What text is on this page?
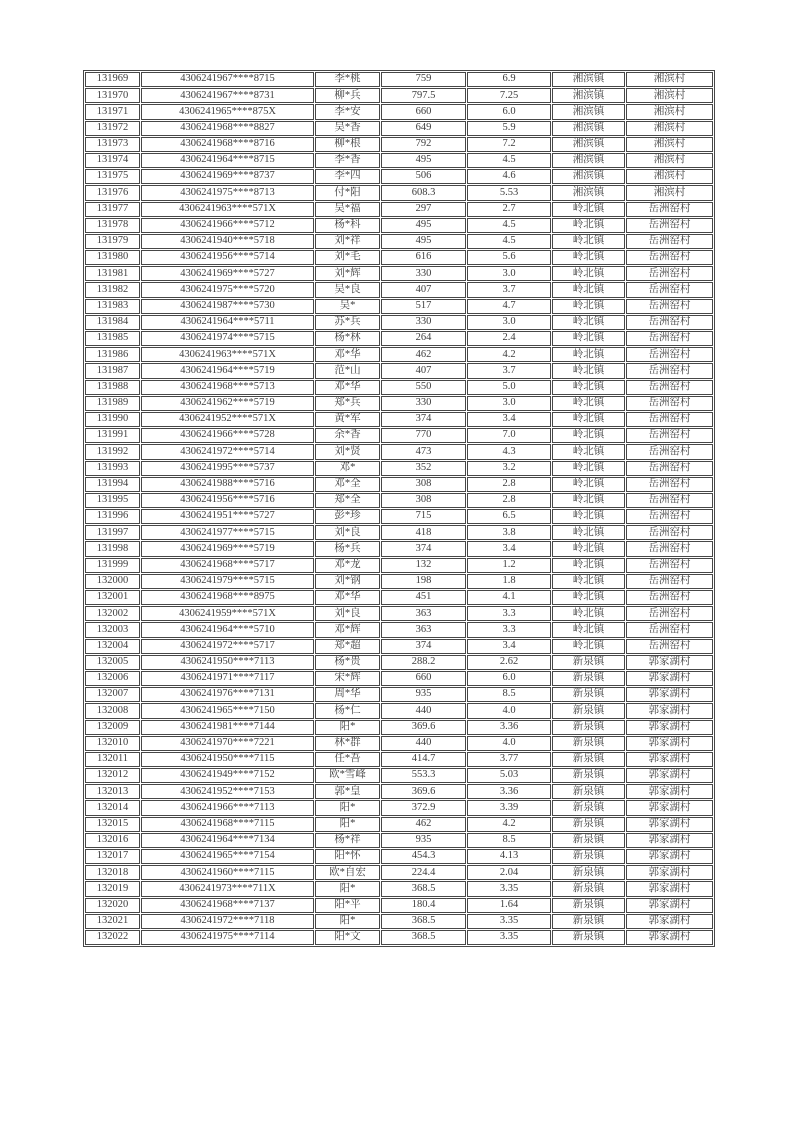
131969	4306241967****8715	李*桃	759	6.9	湘滨镇	湘滨村
131970	4306241967****8731	柳*兵	797.5	7.25	湘滨镇	湘滨村
131971	4306241965****875X	李*安	660	6.0	湘滨镇	湘滨村
131972	4306241968****8827	吴*香	649	5.9	湘滨镇	湘滨村
131973	4306241968****8716	柳*根	792	7.2	湘滨镇	湘滨村
131974	4306241964****8715	李*香	495	4.5	湘滨镇	湘滨村
131975	4306241969****8737	李*四	506	4.6	湘滨镇	湘滨村
131976	4306241975****8713	付*阳	608.3	5.53	湘滨镇	湘滨村
131977	4306241963****571X	吴*福	297	2.7	岭北镇	岳洲窑村
131978	4306241966****5712	杨*科	495	4.5	岭北镇	岳洲窑村
131979	4306241940****5718	刘*祥	495	4.5	岭北镇	岳洲窑村
131980	4306241956****5714	刘*毛	616	5.6	岭北镇	岳洲窑村
131981	4306241969****5727	刘*辉	330	3.0	岭北镇	岳洲窑村
131982	4306241975****5720	吴*良	407	3.7	岭北镇	岳洲窑村
131983	4306241987****5730	吴*	517	4.7	岭北镇	岳洲窑村
131984	4306241964****5711	苏*兵	330	3.0	岭北镇	岳洲窑村
131985	4306241974****5715	杨*林	264	2.4	岭北镇	岳洲窑村
131986	4306241963****571X	邓*华	462	4.2	岭北镇	岳洲窑村
131987	4306241964****5719	范*山	407	3.7	岭北镇	岳洲窑村
131988	4306241968****5713	邓*华	550	5.0	岭北镇	岳洲窑村
131989	4306241962****5719	郑*兵	330	3.0	岭北镇	岳洲窑村
131990	4306241952****571X	黄*军	374	3.4	岭北镇	岳洲窑村
131991	4306241966****5728	余*香	770	7.0	岭北镇	岳洲窑村
131992	4306241972****5714	刘*贤	473	4.3	岭北镇	岳洲窑村
131993	4306241995****5737	邓*	352	3.2	岭北镇	岳洲窑村
131994	4306241988****5716	邓*全	308	2.8	岭北镇	岳洲窑村
131995	4306241956****5716	郑*全	308	2.8	岭北镇	岳洲窑村
131996	4306241951****5727	彭*珍	715	6.5	岭北镇	岳洲窑村
131997	4306241977****5715	刘*良	418	3.8	岭北镇	岳洲窑村
131998	4306241969****5719	杨*兵	374	3.4	岭北镇	岳洲窑村
131999	4306241968****5717	邓*龙	132	1.2	岭北镇	岳洲窑村
132000	4306241979****5715	刘*钢	198	1.8	岭北镇	岳洲窑村
132001	4306241968****8975	邓*华	451	4.1	岭北镇	岳洲窑村
132002	4306241959****571X	刘*良	363	3.3	岭北镇	岳洲窑村
132003	4306241964****5710	邓*辉	363	3.3	岭北镇	岳洲窑村
132004	4306241972****5717	郑*超	374	3.4	岭北镇	岳洲窑村
132005	4306241950****7113	杨*贵	288.2	2.62	新泉镇	郭家湖村
132006	4306241971****7117	宋*辉	660	6.0	新泉镇	郭家湖村
132007	4306241976****7131	周*华	935	8.5	新泉镇	郭家湖村
132008	4306241965****7150	杨*仁	440	4.0	新泉镇	郭家湖村
132009	4306241981****7144	阳*	369.6	3.36	新泉镇	郭家湖村
132010	4306241970****7221	林*群	440	4.0	新泉镇	郭家湖村
132011	4306241950****7115	任*吾	414.7	3.77	新泉镇	郭家湖村
132012	4306241949****7152	欧*雪峰	553.3	5.03	新泉镇	郭家湖村
132013	4306241952****7153	郭*皇	369.6	3.36	新泉镇	郭家湖村
132014	4306241966****7113	阳*	372.9	3.39	新泉镇	郭家湖村
132015	4306241968****7115	阳*	462	4.2	新泉镇	郭家湖村
132016	4306241964****7134	杨*祥	935	8.5	新泉镇	郭家湖村
132017	4306241965****7154	阳*怀	454.3	4.13	新泉镇	郭家湖村
132018	4306241960****7115	欧*自宏	224.4	2.04	新泉镇	郭家湖村
132019	4306241973****711X	阳*	368.5	3.35	新泉镇	郭家湖村
132020	4306241968****7137	阳*平	180.4	1.64	新泉镇	郭家湖村
132021	4306241972****7118	阳*	368.5	3.35	新泉镇	郭家湖村
132022	4306241975****7114	阳*文	368.5	3.35	新泉镇	郭家湖村
